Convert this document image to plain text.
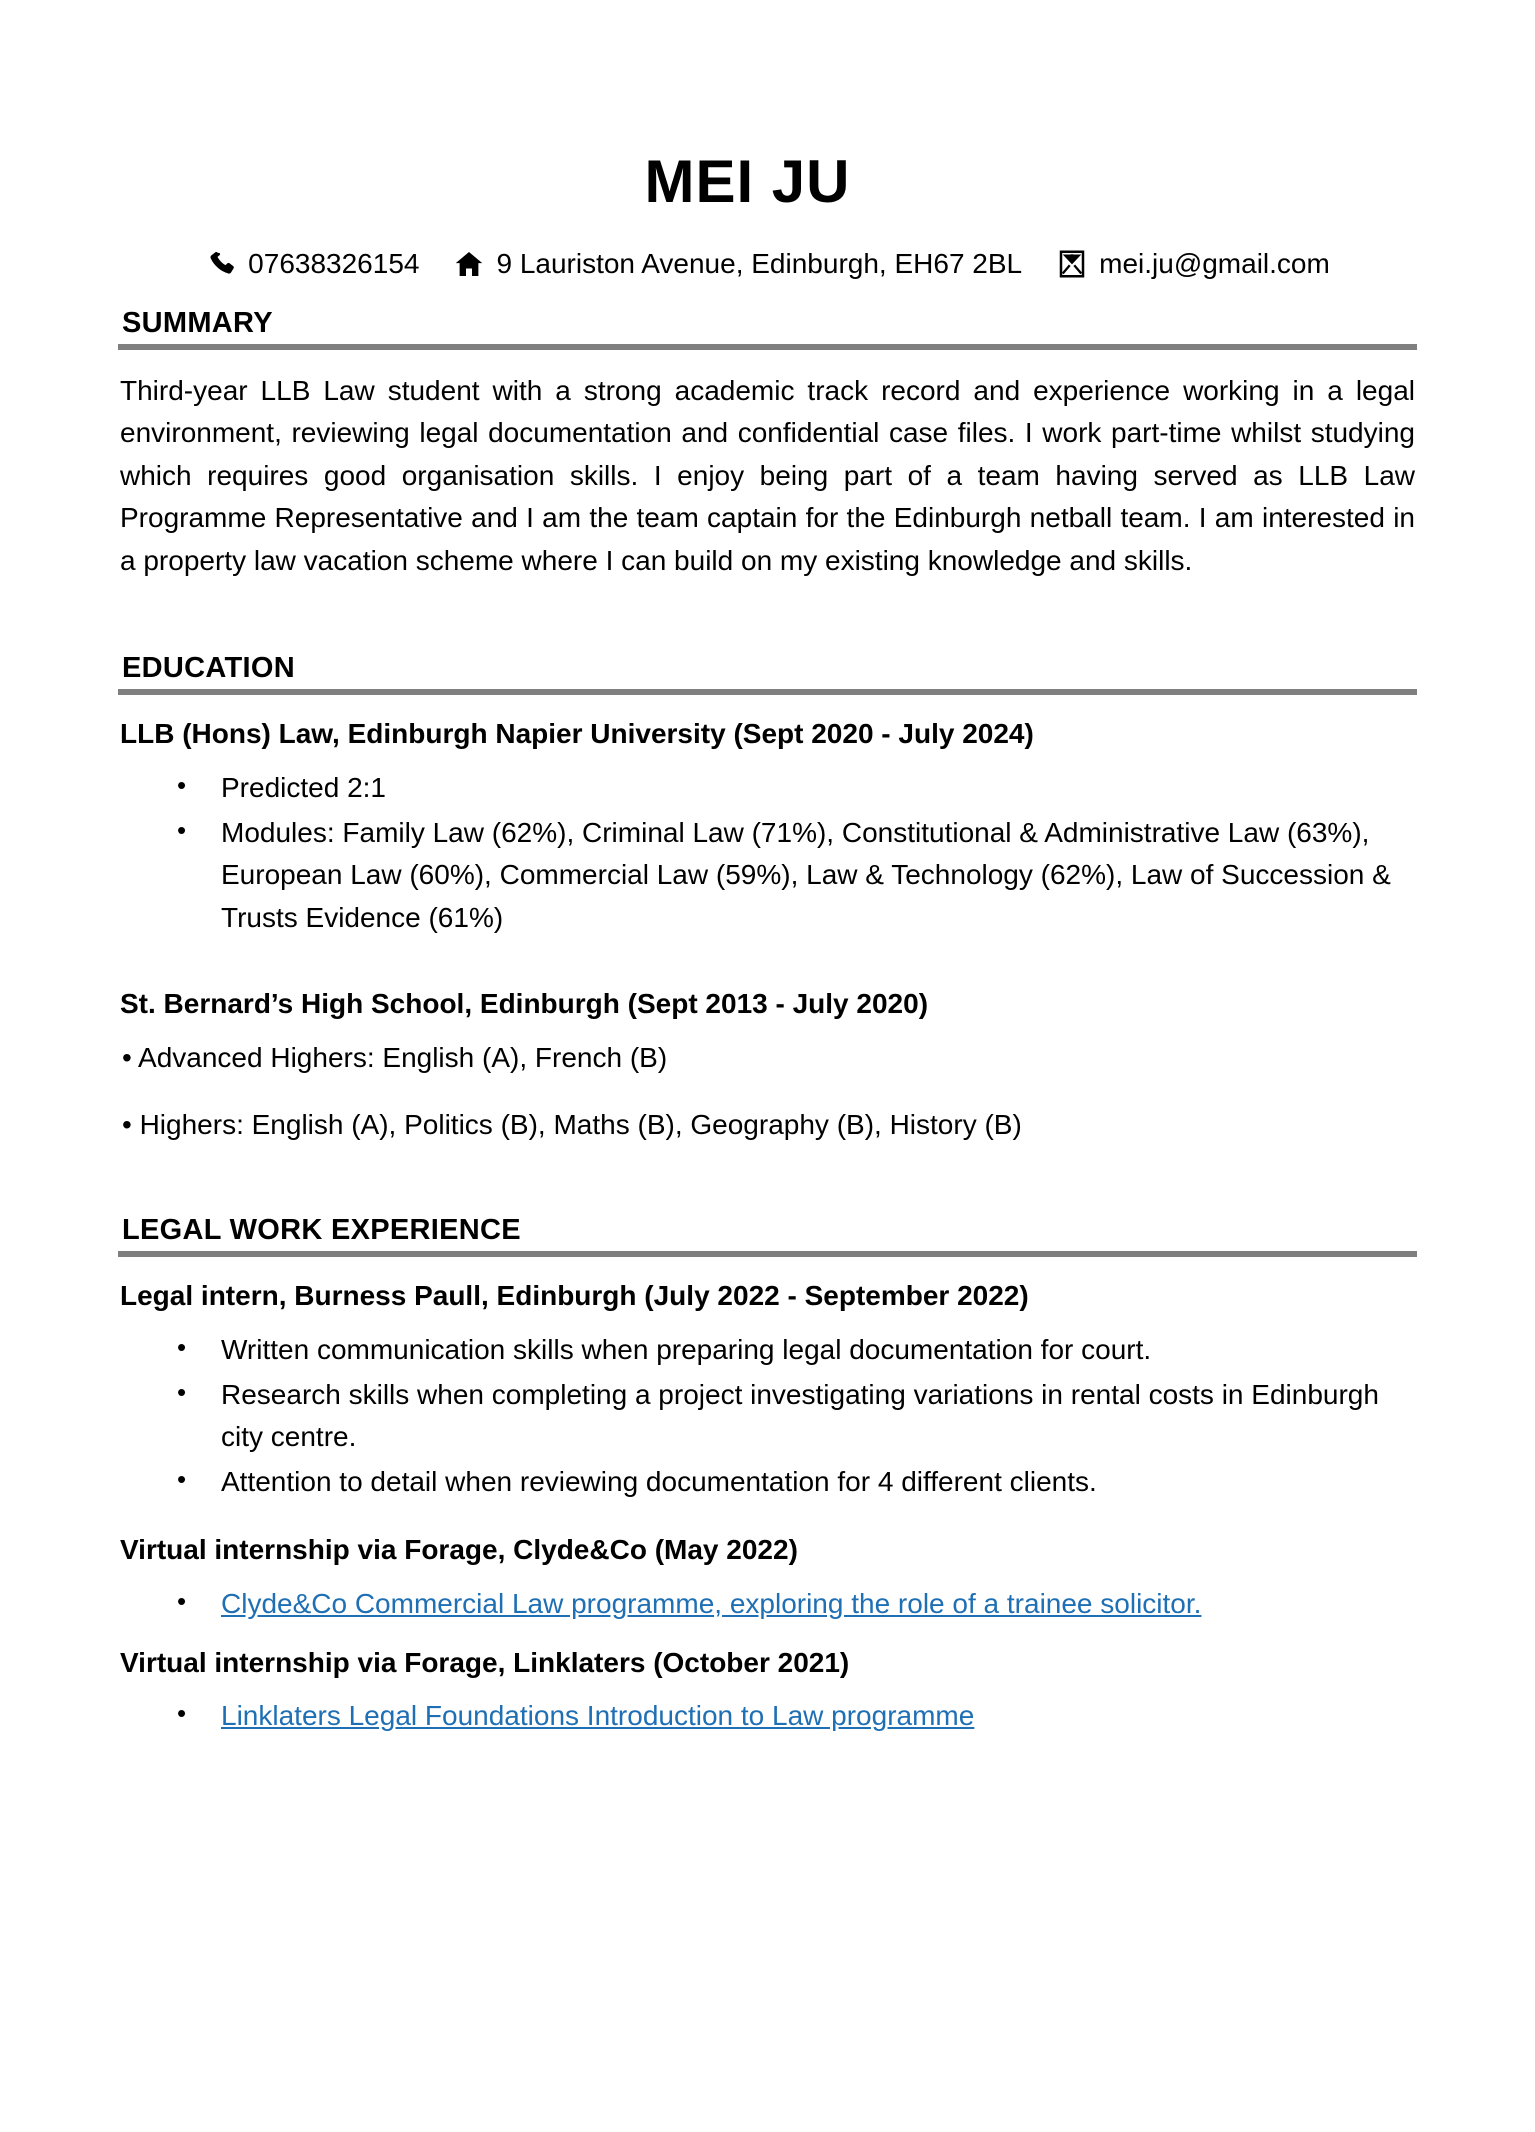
MEI JU
07638326154	9 Lauriston Avenue, Edinburgh, EH67 2BL	mei.ju@gmail.com
SUMMARY

Third-year LLB Law student with a strong academic track record and experience working in a legal environment, reviewing legal documentation and confidential case files. I work part-time whilst studying which requires good organisation skills. I enjoy being part of a team having served as LLB Law Programme Representative and I am the team captain for the Edinburgh netball team. I am interested in a property law vacation scheme where I can build on my existing knowledge and skills.

EDUCATION
LLB (Hons) Law, Edinburgh Napier University (Sept 2020 - July 2024)
• Predicted 2:1
• Modules: Family Law (62%), Criminal Law (71%), Constitutional & Administrative Law (63%), European Law (60%), Commercial Law (59%), Law & Technology (62%), Law of Succession & Trusts Evidence (61%)
St. Bernard’s High School, Edinburgh (Sept 2013 - July 2020)
• Advanced Highers: English (A), French (B)
• Highers: English (A), Politics (B), Maths (B), Geography (B), History (B)
LEGAL WORK EXPERIENCE
Legal intern, Burness Paull, Edinburgh (July 2022 - September 2022)
• Written communication skills when preparing legal documentation for court.
• Research skills when completing a project investigating variations in rental costs in Edinburgh city centre.
• Attention to detail when reviewing documentation for 4 different clients.
Virtual internship via Forage, Clyde&Co (May 2022)
• Clyde&Co Commercial Law programme, exploring the role of a trainee solicitor.
Virtual internship via Forage, Linklaters (October 2021)
• Linklaters Legal Foundations Introduction to Law programme
